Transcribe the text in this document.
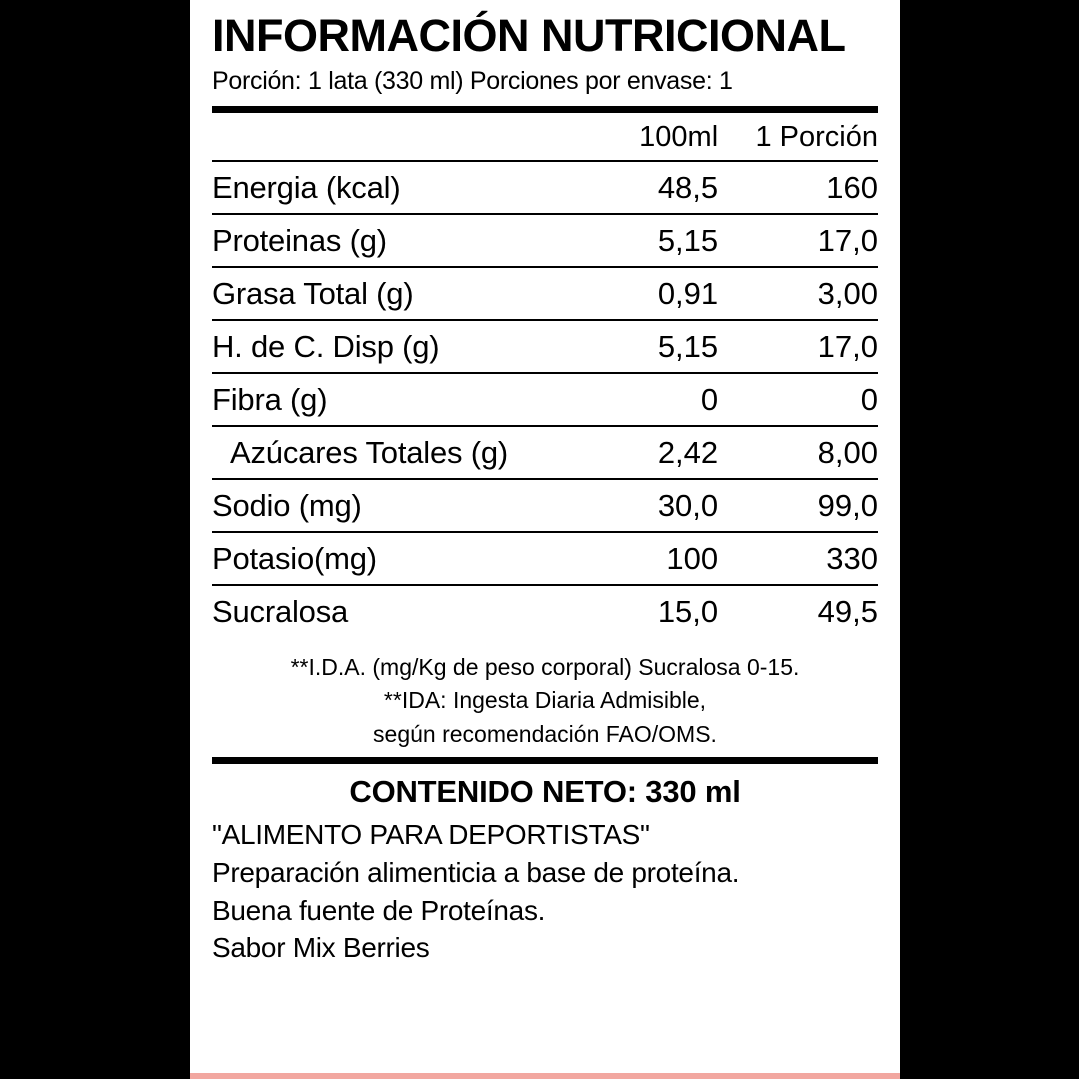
INFORMACIÓN NUTRICIONAL
Porción: 1 lata (330 ml) Porciones por envase: 1
	100ml	1 Porción
Energia (kcal)	48,5	160
Proteinas (g)	5,15	17,0
Grasa Total (g)	0,91	3,00
H. de C. Disp (g)	5,15	17,0
Fibra (g)	0	0
Azúcares Totales (g)	2,42	8,00
Sodio (mg)	30,0	99,0
Potasio(mg)	100	330
Sucralosa	15,0	49,5
**I.D.A. (mg/Kg de peso corporal) Sucralosa 0-15.
**IDA: Ingesta Diaria Admisible,
según recomendación FAO/OMS.
CONTENIDO NETO: 330 ml
"ALIMENTO PARA DEPORTISTAS"
Preparación alimenticia a base de proteína.
Buena fuente de Proteínas.
Sabor Mix Berries
